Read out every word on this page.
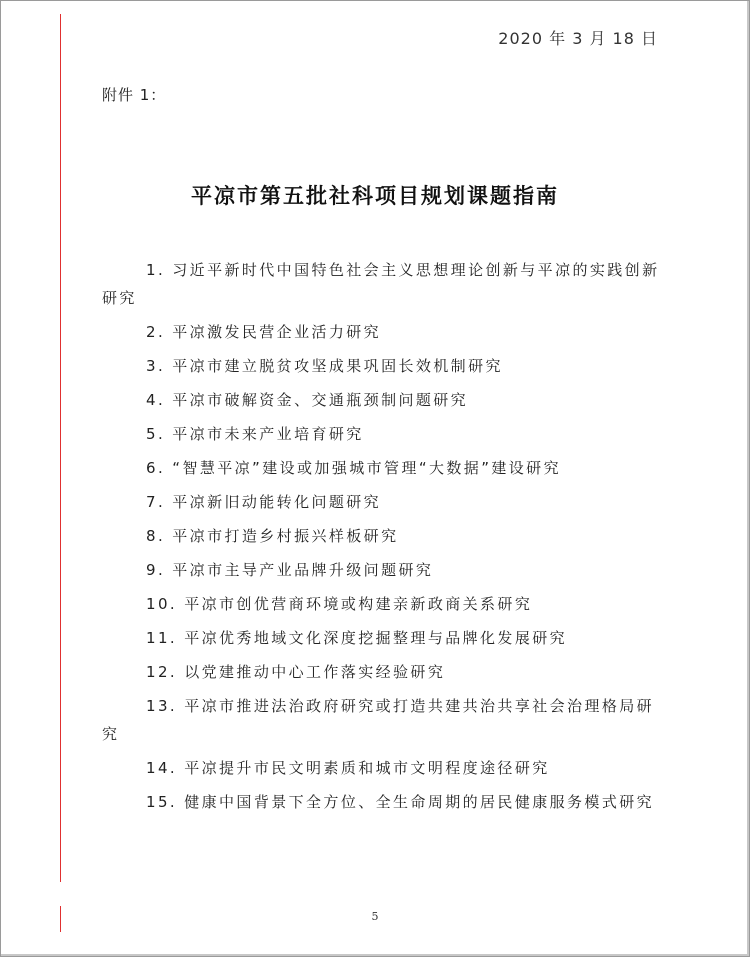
2020 年 3 月 18 日
附件 1：
平凉市第五批社科项目规划课题指南
1. 习近平新时代中国特色社会主义思想理论创新与平凉的实践创新研究
2. 平凉激发民营企业活力研究
3. 平凉市建立脱贫攻坚成果巩固长效机制研究
4. 平凉市破解资金、交通瓶颈制问题研究
5. 平凉市未来产业培育研究
6. “智慧平凉”建设或加强城市管理“大数据”建设研究
7. 平凉新旧动能转化问题研究
8. 平凉市打造乡村振兴样板研究
9. 平凉市主导产业品牌升级问题研究
10. 平凉市创优营商环境或构建亲新政商关系研究
11. 平凉优秀地域文化深度挖掘整理与品牌化发展研究
12. 以党建推动中心工作落实经验研究
13. 平凉市推进法治政府研究或打造共建共治共享社会治理格局研究
14. 平凉提升市民文明素质和城市文明程度途径研究
15. 健康中国背景下全方位、全生命周期的居民健康服务模式研究
5
